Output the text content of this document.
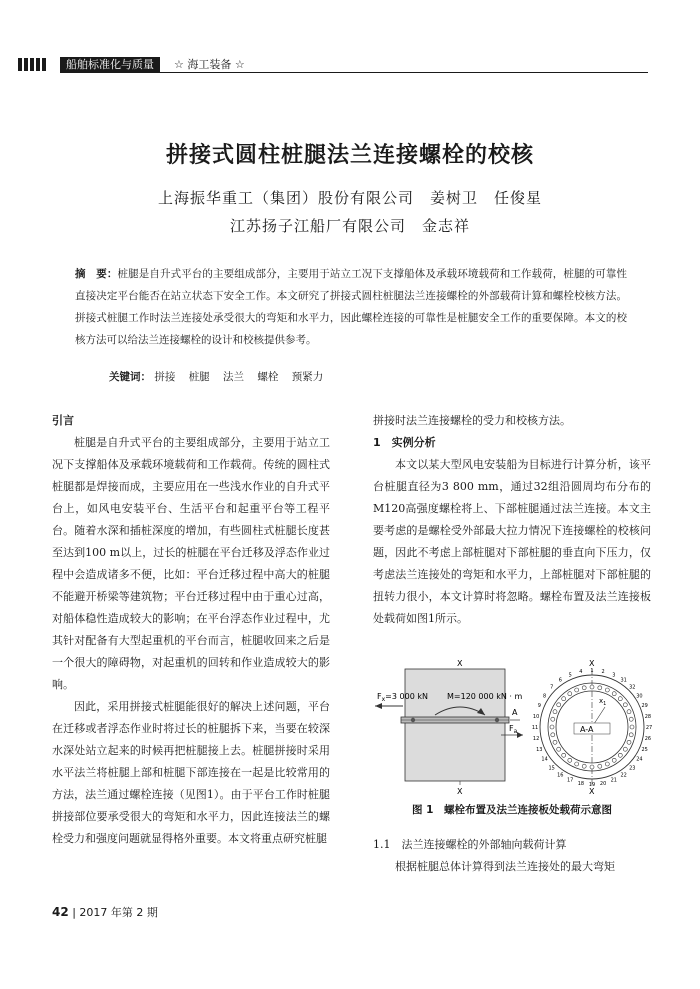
船舶标准化与质量	☆ 海工装备 ☆
拼接式圆柱桩腿法兰连接螺栓的校核
上海振华重工（集团）股份有限公司　姜树卫　任俊星
江苏扬子江船厂有限公司　金志祥
摘　要：桩腿是自升式平台的主要组成部分，主要用于站立工况下支撑船体及承载环境载荷和工作载荷，桩腿的可靠性直接决定平台能否在站立状态下安全工作。本文研究了拼接式圆柱桩腿法兰连接螺栓的外部载荷计算和螺栓校核方法。拼接式桩腿工作时法兰连接处承受很大的弯矩和水平力，因此螺栓连接的可靠性是桩腿安全工作的重要保障。本文的校核方法可以给法兰连接螺栓的设计和校核提供参考。
关键词： 拼接 桩腿 法兰 螺栓 预紧力

引言

桩腿是自升式平台的主要组成部分，主要用于站立工况下支撑船体及承载环境载荷和工作载荷。传统的圆柱式桩腿都是焊接而成，主要应用在一些浅水作业的自升式平台上，如风电安装平台、生活平台和起重平台等工程平台。随着水深和插桩深度的增加，有些圆柱式桩腿长度甚至达到100 m以上，过长的桩腿在平台迁移及浮态作业过程中会造成诸多不便，比如：平台迁移过程中高大的桩腿不能避开桥梁等建筑物；平台迁移过程中由于重心过高，对船体稳性造成较大的影响；在平台浮态作业过程中，尤其针对配备有大型起重机的平台而言，桩腿收回来之后是一个很大的障碍物，对起重机的回转和作业造成较大的影响。

因此，采用拼接式桩腿能很好的解决上述问题，平台在迁移或者浮态作业时将过长的桩腿拆下来，当要在较深水深处站立起来的时候再把桩腿接上去。桩腿拼接时采用水平法兰将桩腿上部和桩腿下部连接在一起是比较常用的方法，法兰通过螺栓连接（见图1）。由于平台工作时桩腿拼接部位要承受很大的弯矩和水平力，因此连接法兰的螺栓受力和强度问题就显得格外重要。本文将重点研究桩腿

拼接时法兰连接螺栓的受力和校核方法。

1　实例分析

本文以某大型风电安装船为目标进行计算分析，该平台桩腿直径为3 800 mm，通过32组沿圆周均布分布的M120高强度螺栓将上、下部桩腿通过法兰连接。本文主要考虑的是螺栓受外部最大拉力情况下连接螺栓的校核问题，因此不考虑上部桩腿对下部桩腿的垂直向下压力，仅考虑法兰连接处的弯矩和水平力，上部桩腿对下部桩腿的扭转力很小，本文计算时将忽略。螺栓布置及法兰连接板处载荷如图1所示。

X
$F_x=3$ 000 kN M=120 000 kN · m
A
$F_a$
X
X
1 2
3
31
32
30
29
28
27
26
25
24
23
22
21
20
19
18
17
16
15
14
13
12
11
10
9
8
7
6
5
4
$x_1$
A-A
X
图 1　螺栓布置及法兰连接板处载荷示意图

1.1　法兰连接螺栓的外部轴向载荷计算

根据桩腿总体计算得到法兰连接处的最大弯矩

42 | 2017 年第 2 期
